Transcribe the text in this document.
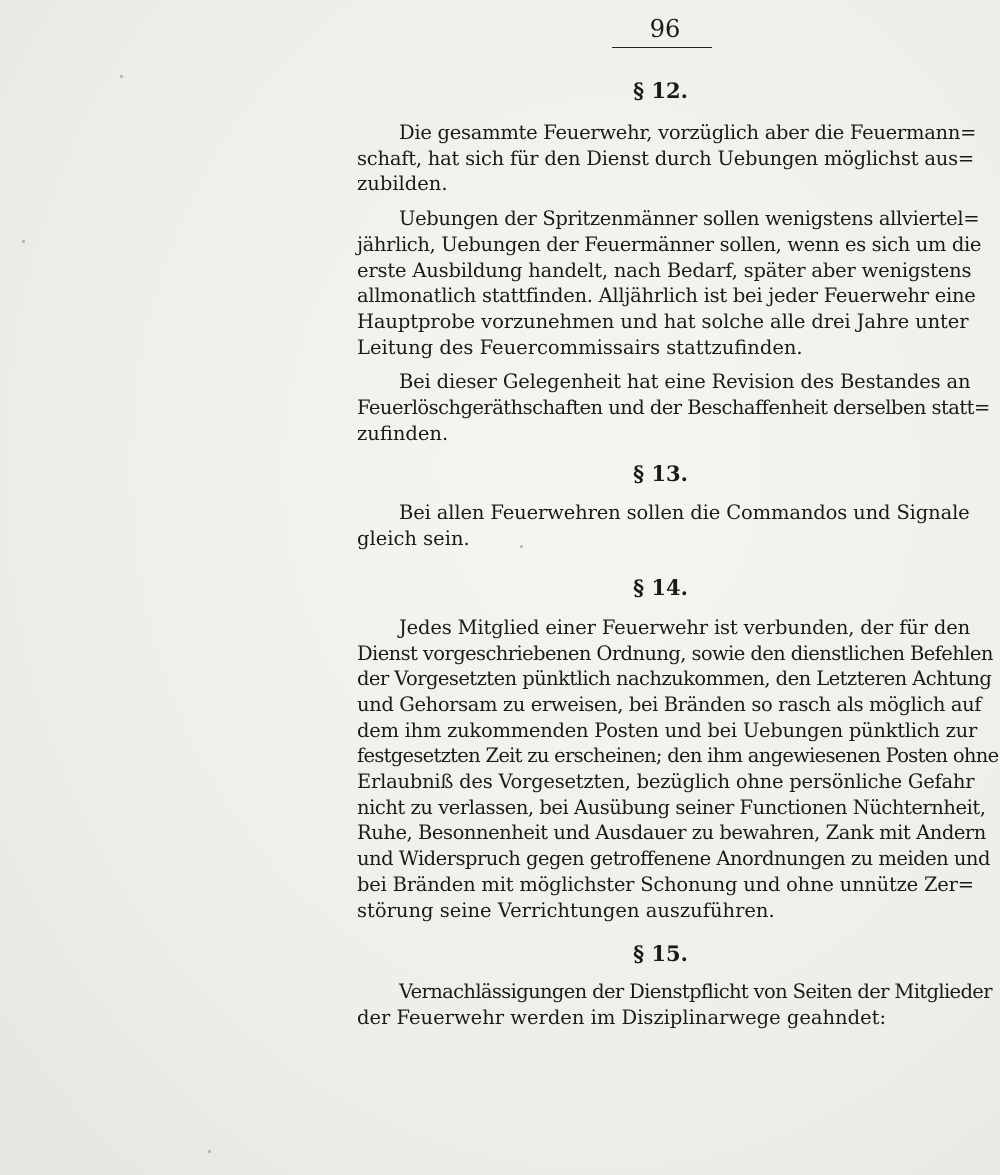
96
§ 12.

Die gesammte Feuerwehr, vorzüglich aber die Feuermann=
schaft, hat sich für den Dienst durch Uebungen möglichst aus=
zubilden.

Uebungen der Spritzenmänner sollen wenigstens allviertel=
jährlich, Uebungen der Feuermänner sollen, wenn es sich um die
erste Ausbildung handelt, nach Bedarf, später aber wenigstens
allmonatlich stattfinden. Alljährlich ist bei jeder Feuerwehr eine
Hauptprobe vorzunehmen und hat solche alle drei Jahre unter
Leitung des Feuercommissairs stattzufinden.

Bei dieser Gelegenheit hat eine Revision des Bestandes an
Feuerlöschgeräthschaften und der Beschaffenheit derselben statt=
zufinden.

§ 13.

Bei allen Feuerwehren sollen die Commandos und Signale
gleich sein.

§ 14.

Jedes Mitglied einer Feuerwehr ist verbunden, der für den
Dienst vorgeschriebenen Ordnung, sowie den dienstlichen Befehlen
der Vorgesetzten pünktlich nachzukommen, den Letzteren Achtung
und Gehorsam zu erweisen, bei Bränden so rasch als möglich auf
dem ihm zukommenden Posten und bei Uebungen pünktlich zur
festgesetzten Zeit zu erscheinen; den ihm angewiesenen Posten ohne
Erlaubniß des Vorgesetzten, bezüglich ohne persönliche Gefahr
nicht zu verlassen, bei Ausübung seiner Functionen Nüchternheit,
Ruhe, Besonnenheit und Ausdauer zu bewahren, Zank mit Andern
und Widerspruch gegen getroffenene Anordnungen zu meiden und
bei Bränden mit möglichster Schonung und ohne unnütze Zer=
störung seine Verrichtungen auszuführen.

§ 15.

Vernachlässigungen der Dienstpflicht von Seiten der Mitglieder
der Feuerwehr werden im Disziplinarwege geahndet:
